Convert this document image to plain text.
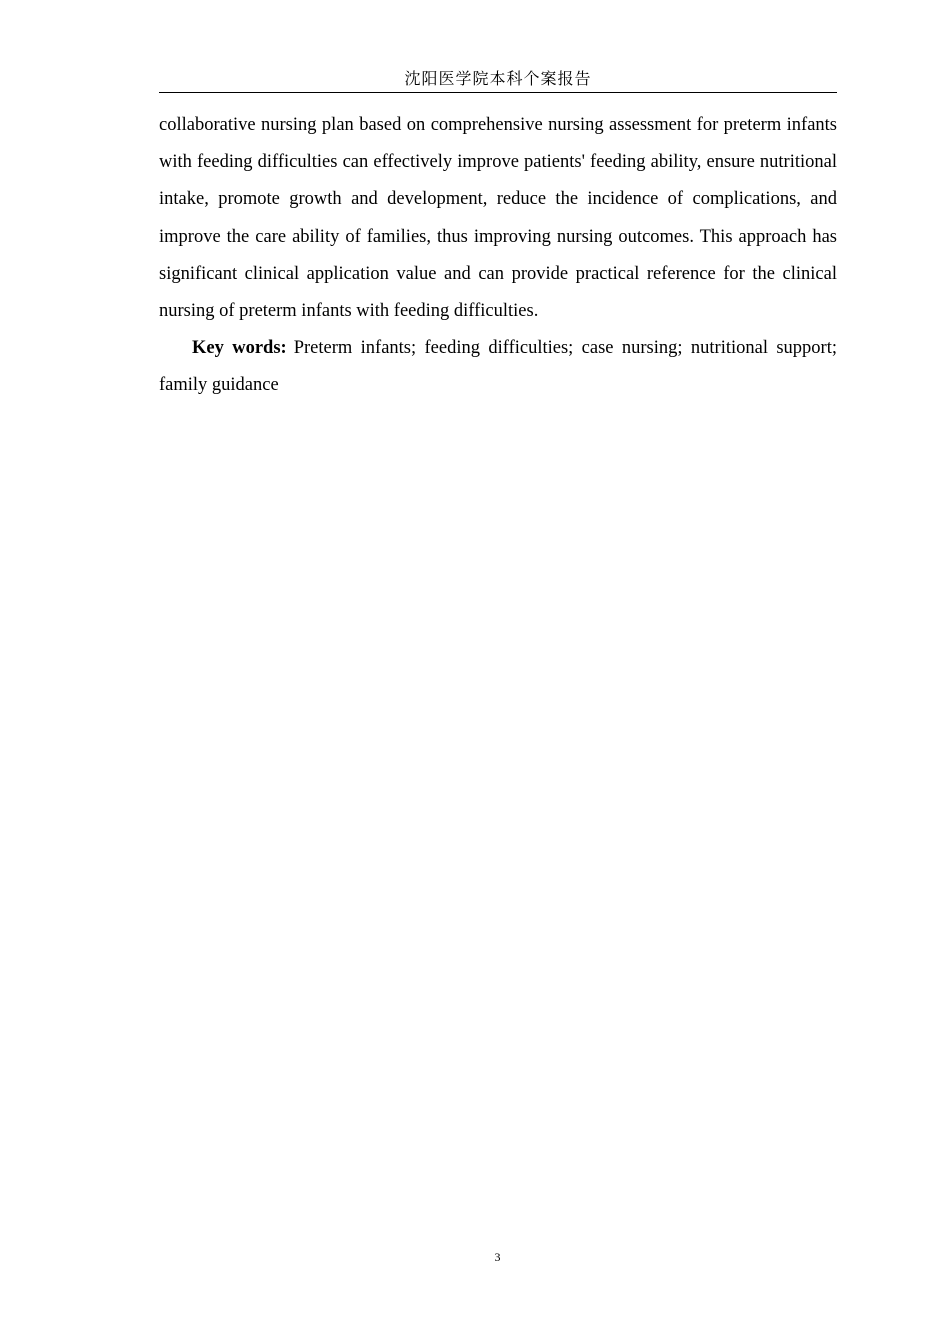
沈阳医学院本科个案报告

collaborative nursing plan based on comprehensive nursing assessment for preterm infants with feeding difficulties can effectively improve patients' feeding ability, ensure nutritional intake, promote growth and development, reduce the incidence of complications, and improve the care ability of families, thus improving nursing outcomes. This approach has significant clinical application value and can provide practical reference for the clinical nursing of preterm infants with feeding difficulties.

Key words: Preterm infants; feeding difficulties; case nursing; nutritional support; family guidance

3
